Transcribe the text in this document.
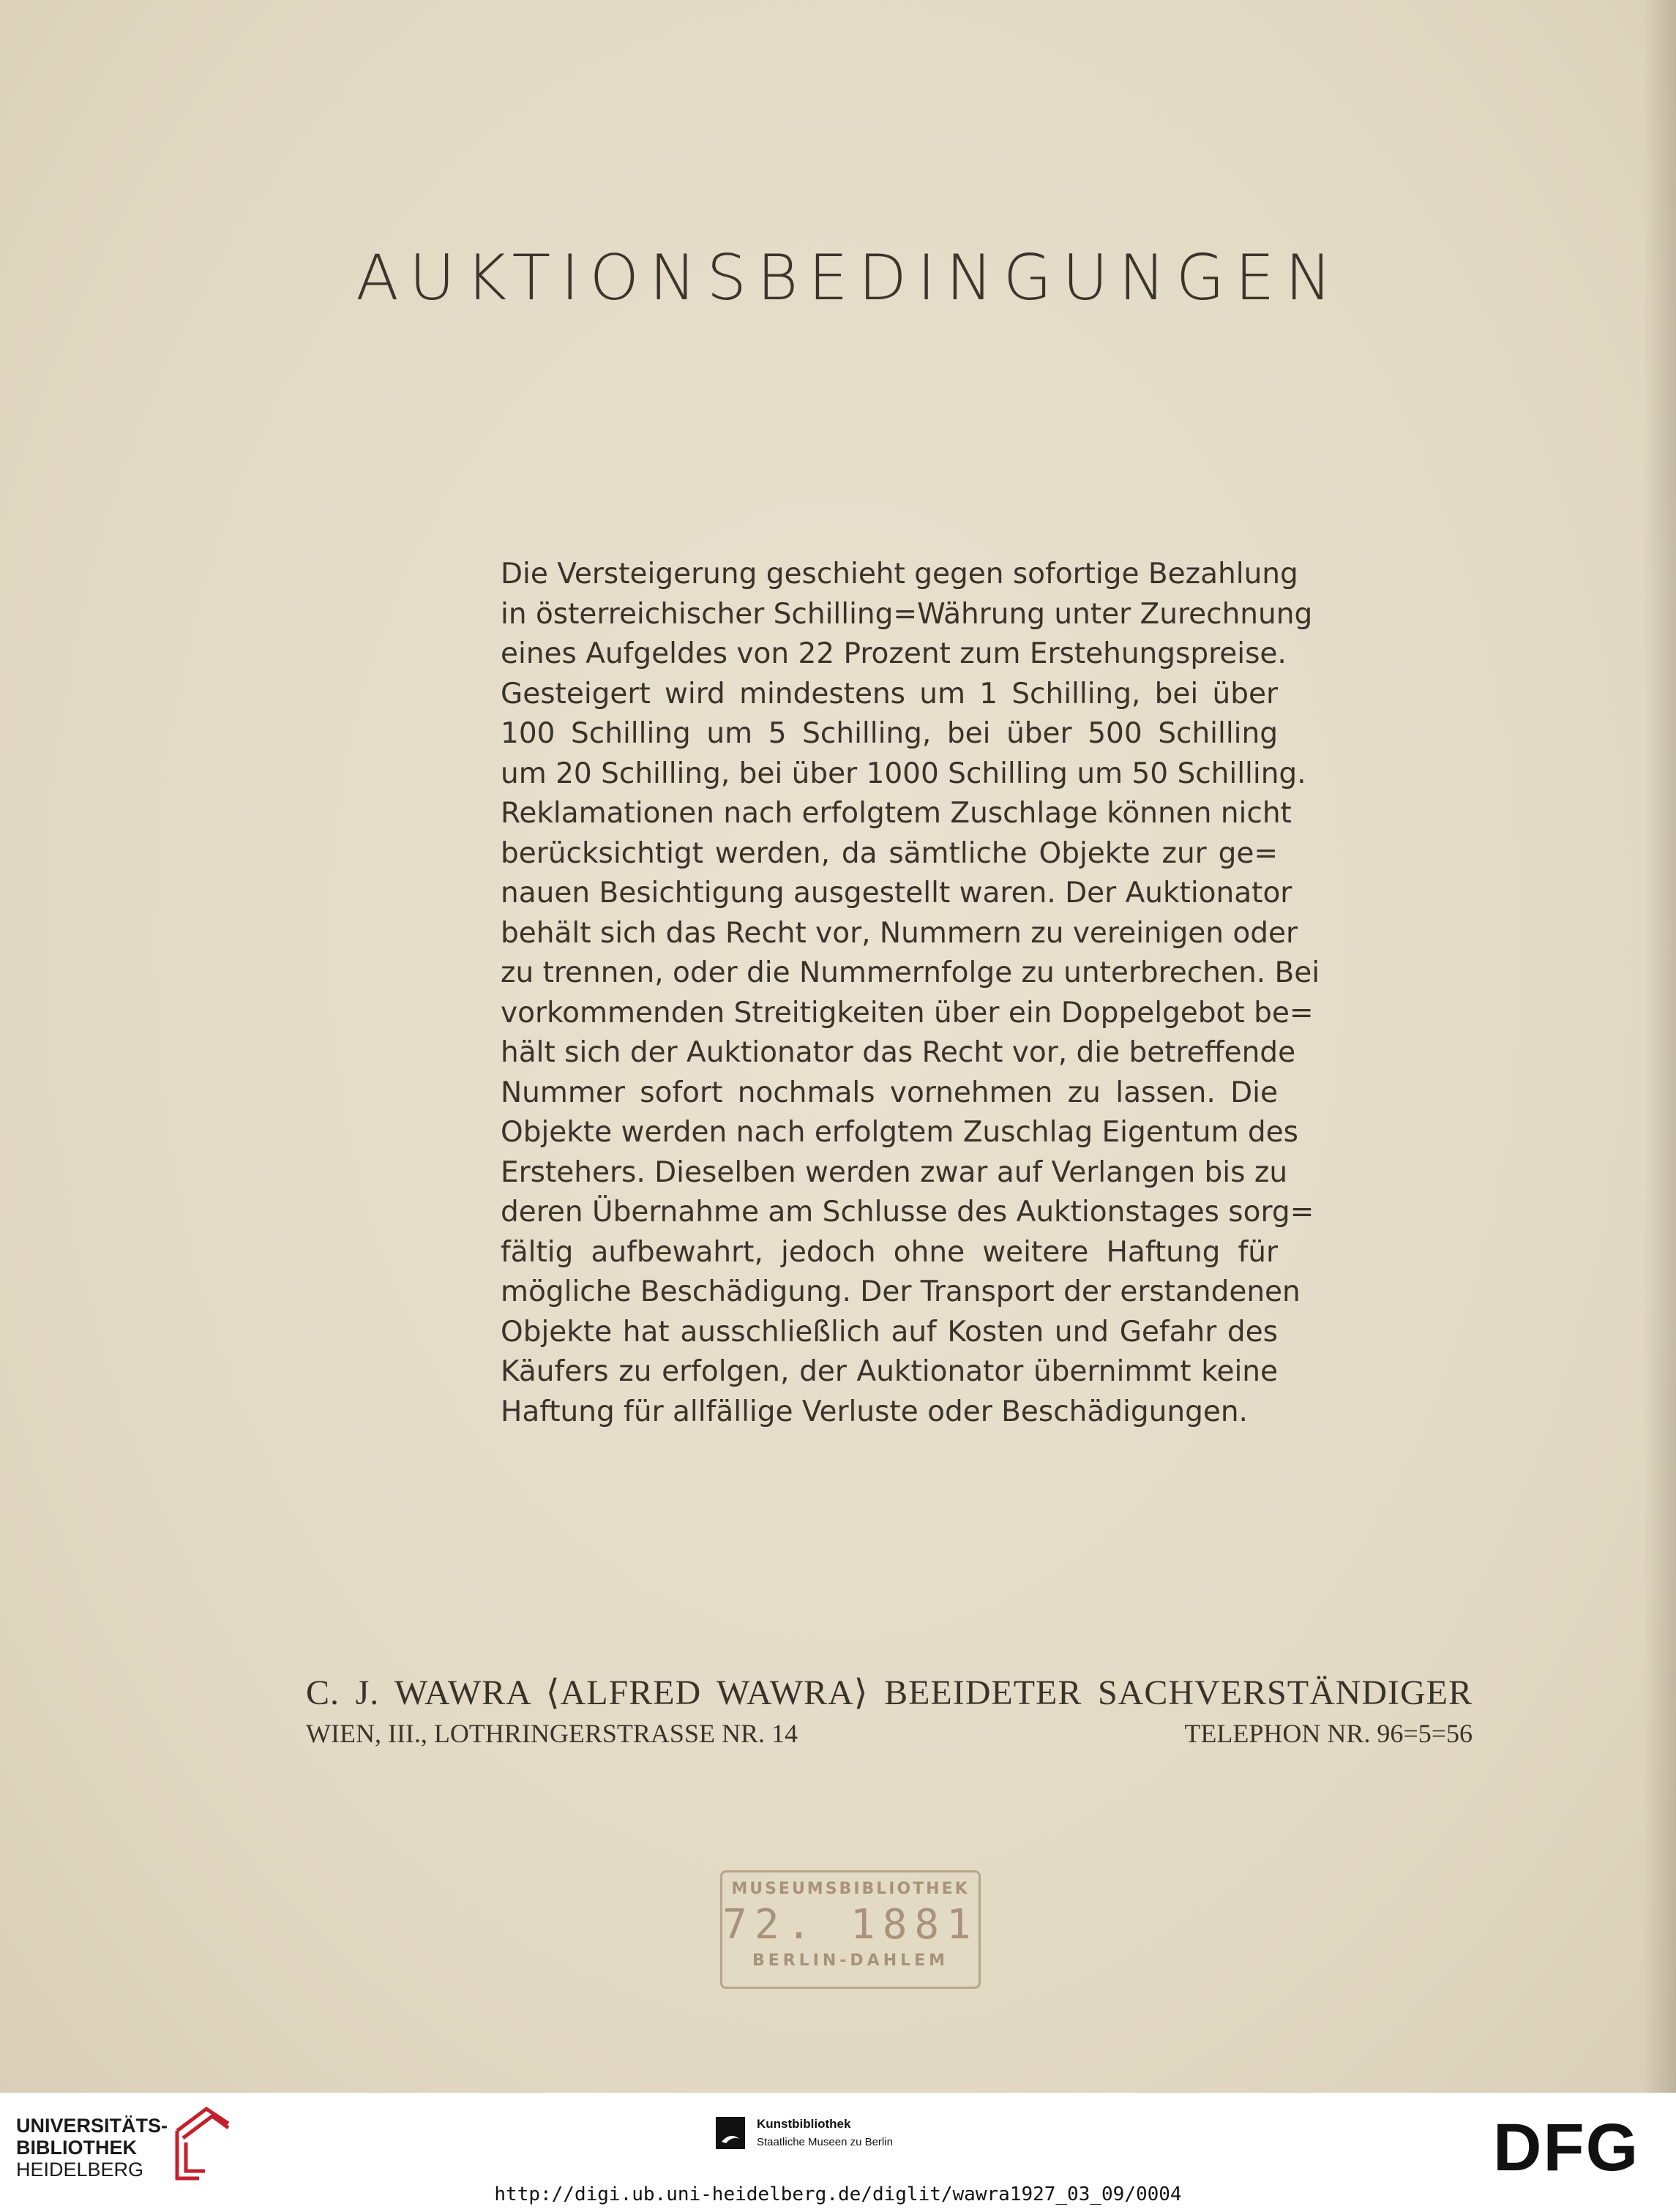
AUKTIONSBEDINGUNGEN
Die Versteigerung geschieht gegen sofortige Bezahlung
in österreichischer Schilling=Währung unter Zurechnung
eines Aufgeldes von 22 Prozent zum Erstehungspreise.
Gesteigert wird mindestens um 1 Schilling, bei über
100 Schilling um 5 Schilling, bei über 500 Schilling
um 20 Schilling, bei über 1000 Schilling um 50 Schilling.
Reklamationen nach erfolgtem Zuschlage können nicht
berücksichtigt werden, da sämtliche Objekte zur ge=
nauen Besichtigung ausgestellt waren. Der Auktionator
behält sich das Recht vor, Nummern zu vereinigen oder
zu trennen, oder die Nummernfolge zu unterbrechen. Bei
vorkommenden Streitigkeiten über ein Doppelgebot be=
hält sich der Auktionator das Recht vor, die betreffende
Nummer sofort nochmals vornehmen zu lassen. Die
Objekte werden nach erfolgtem Zuschlag Eigentum des
Erstehers. Dieselben werden zwar auf Verlangen bis zu
deren Übernahme am Schlusse des Auktionstages sorg=
fältig aufbewahrt, jedoch ohne weitere Haftung für
mögliche Beschädigung. Der Transport der erstandenen
Objekte hat ausschließlich auf Kosten und Gefahr des
Käufers zu erfolgen, der Auktionator übernimmt keine
Haftung für allfällige Verluste oder Beschädigungen.
C. J. WAWRA ⟨ALFRED WAWRA⟩ BEEIDETER SACHVERSTÄNDIGER
WIEN, III., LOTHRINGERSTRASSE NR. 14	TELEPHON NR. 96=5=56
MUSEUMSBIBLIOTHEK
72. 1881
BERLIN-DAHLEM
UNIVERSITÄTS-
BIBLIOTHEK
HEIDELBERG
Kunstbibliothek
Staatliche Museen zu Berlin	DFG
http://digi.ub.uni-heidelberg.de/diglit/wawra1927_03_09/0004
